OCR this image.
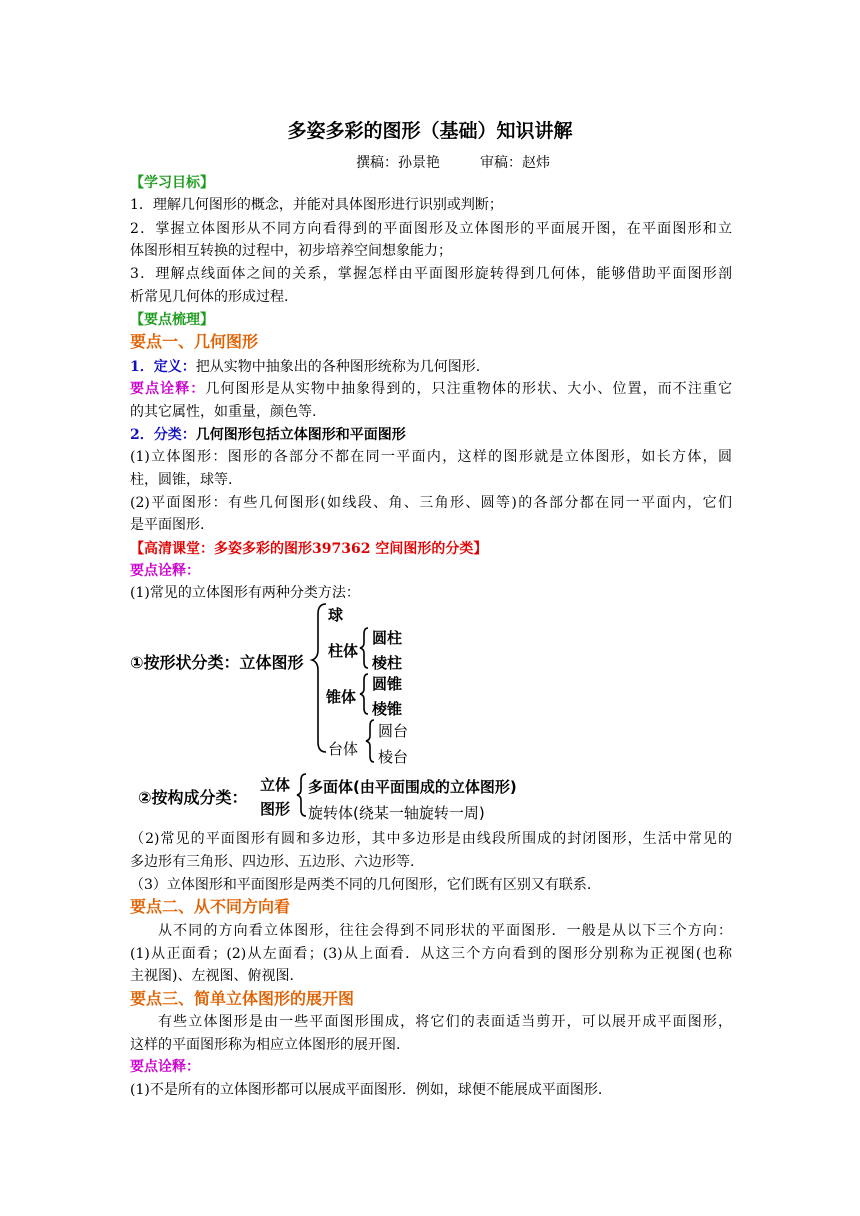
多姿多彩的图形（基础）知识讲解
撰稿：孙景艳	审稿：赵炜
【学习目标】
1．理解几何图形的概念，并能对具体图形进行识别或判断；
2．掌握立体图形从不同方向看得到的平面图形及立体图形的平面展开图，在平面图形和立
体图形相互转换的过程中，初步培养空间想象能力；
3．理解点线面体之间的关系，掌握怎样由平面图形旋转得到几何体，能够借助平面图形剖
析常见几何体的形成过程.
【要点梳理】
要点一、几何图形
1．定义：把从实物中抽象出的各种图形统称为几何图形.
要点诠释：几何图形是从实物中抽象得到的，只注重物体的形状、大小、位置，而不注重它
的其它属性，如重量，颜色等.
2．分类：几何图形包括立体图形和平面图形
(1)立体图形：图形的各部分不都在同一平面内，这样的图形就是立体图形，如长方体，圆
柱，圆锥，球等.
(2)平面图形：有些几何图形(如线段、角、三角形、圆等)的各部分都在同一平面内，它们
是平面图形.
【高清课堂：多姿多彩的图形397362 空间图形的分类】
要点诠释：
(1)常见的立体图形有两种分类方法：
①按形状分类：立体图形
球
柱体
圆柱
棱柱
锥体
圆锥
棱锥
台体
圆台
棱台
②按构成分类：
立体
图形
多面体(由平面围成的立体图形)
旋转体(绕某一轴旋转一周)
（2)常见的平面图形有圆和多边形，其中多边形是由线段所围成的封闭图形，生活中常见的
多边形有三角形、四边形、五边形、六边形等.
（3）立体图形和平面图形是两类不同的几何图形，它们既有区别又有联系.
要点二、从不同方向看
从不同的方向看立体图形，往往会得到不同形状的平面图形．一般是从以下三个方向：
(1)从正面看；(2)从左面看；(3)从上面看．从这三个方向看到的图形分别称为正视图(也称
主视图)、左视图、俯视图.
要点三、简单立体图形的展开图
有些立体图形是由一些平面图形围成，将它们的表面适当剪开，可以展开成平面图形，
这样的平面图形称为相应立体图形的展开图.
要点诠释：
(1)不是所有的立体图形都可以展成平面图形．例如，球便不能展成平面图形.
